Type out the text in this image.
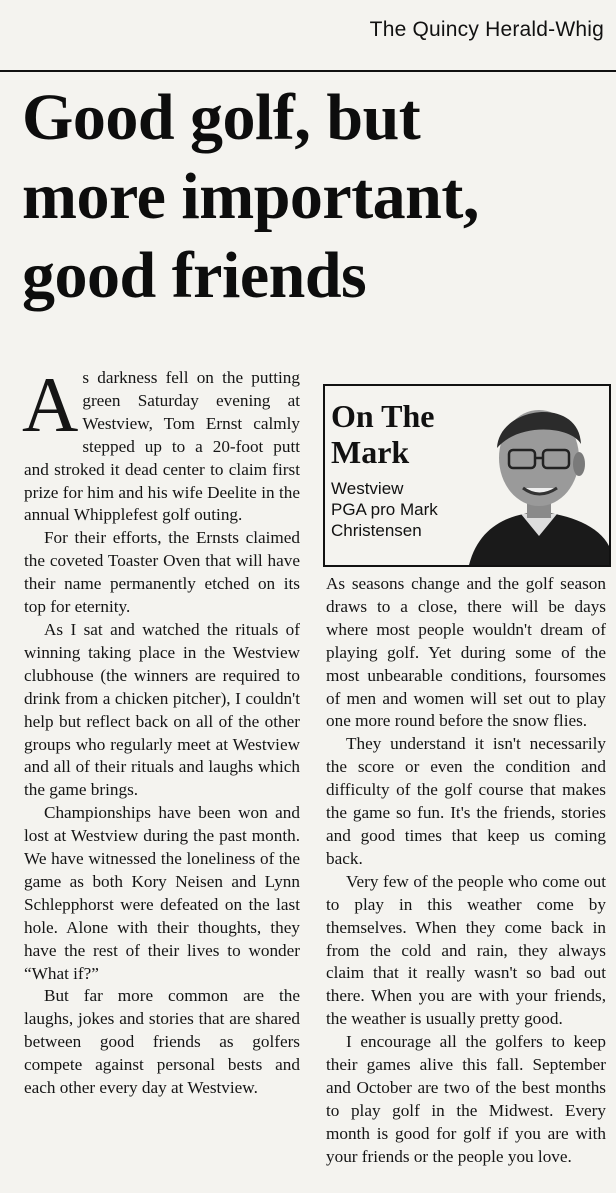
The Quincy Herald-Whig
Good golf, but
more important,
good friends

As darkness fell on the putting green Saturday evening at Westview, Tom Ernst calmly stepped up to a 20-foot putt and stroked it dead center to claim first prize for him and his wife Deelite in the annual Whipplefest golf outing.

For their efforts, the Ernsts claimed the coveted Toaster Oven that will have their name permanently etched on its top for eternity.

As I sat and watched the rituals of winning taking place in the Westview clubhouse (the winners are required to drink from a chicken pitcher), I couldn't help but reflect back on all of the other groups who regularly meet at Westview and all of their rituals and laughs which the game brings.

Championships have been won and lost at Westview during the past month. We have witnessed the loneliness of the game as both Kory Neisen and Lynn Schlepphorst were defeated on the last hole. Alone with their thoughts, they have the rest of their lives to wonder “What if?”

But far more common are the laughs, jokes and stories that are shared between good friends as golfers compete against personal bests and each other every day at Westview.

On The
Mark
Westview
PGA pro Mark
Christensen

As seasons change and the golf season draws to a close, there will be days where most people wouldn't dream of playing golf. Yet during some of the most unbearable conditions, foursomes of men and women will set out to play one more round before the snow flies.

They understand it isn't necessarily the score or even the condition and difficulty of the golf course that makes the game so fun. It's the friends, stories and good times that keep us coming back.

Very few of the people who come out to play in this weather come by themselves. When they come back in from the cold and rain, they always claim that it really wasn't so bad out there. When you are with your friends, the weather is usually pretty good.

I encourage all the golfers to keep their games alive this fall. September and October are two of the best months to play golf in the Midwest. Every month is good for golf if you are with your friends or the people you love.
